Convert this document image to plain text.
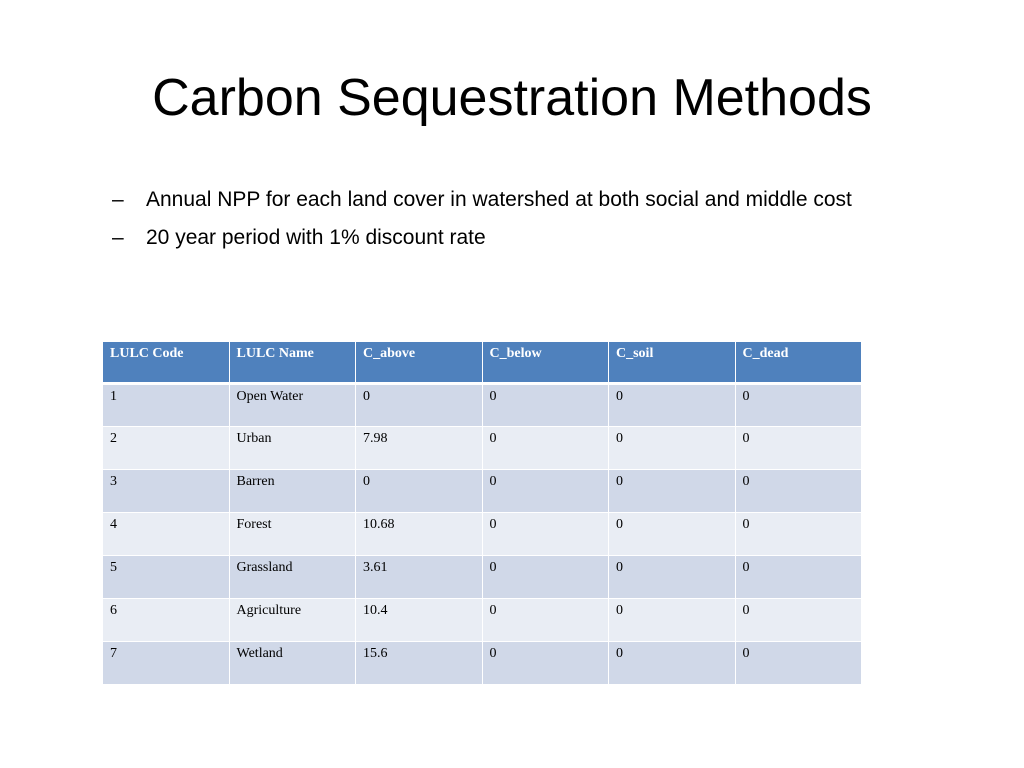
Carbon Sequestration Methods
– Annual NPP for each land cover in watershed at both social and middle cost
– 20 year period with 1% discount rate
LULC Code	LULC Name	C_above	C_below	C_soil	C_dead
1	Open Water	0	0	0	0
2	Urban	7.98	0	0	0
3	Barren	0	0	0	0
4	Forest	10.68	0	0	0
5	Grassland	3.61	0	0	0
6	Agriculture	10.4	0	0	0
7	Wetland	15.6	0	0	0
